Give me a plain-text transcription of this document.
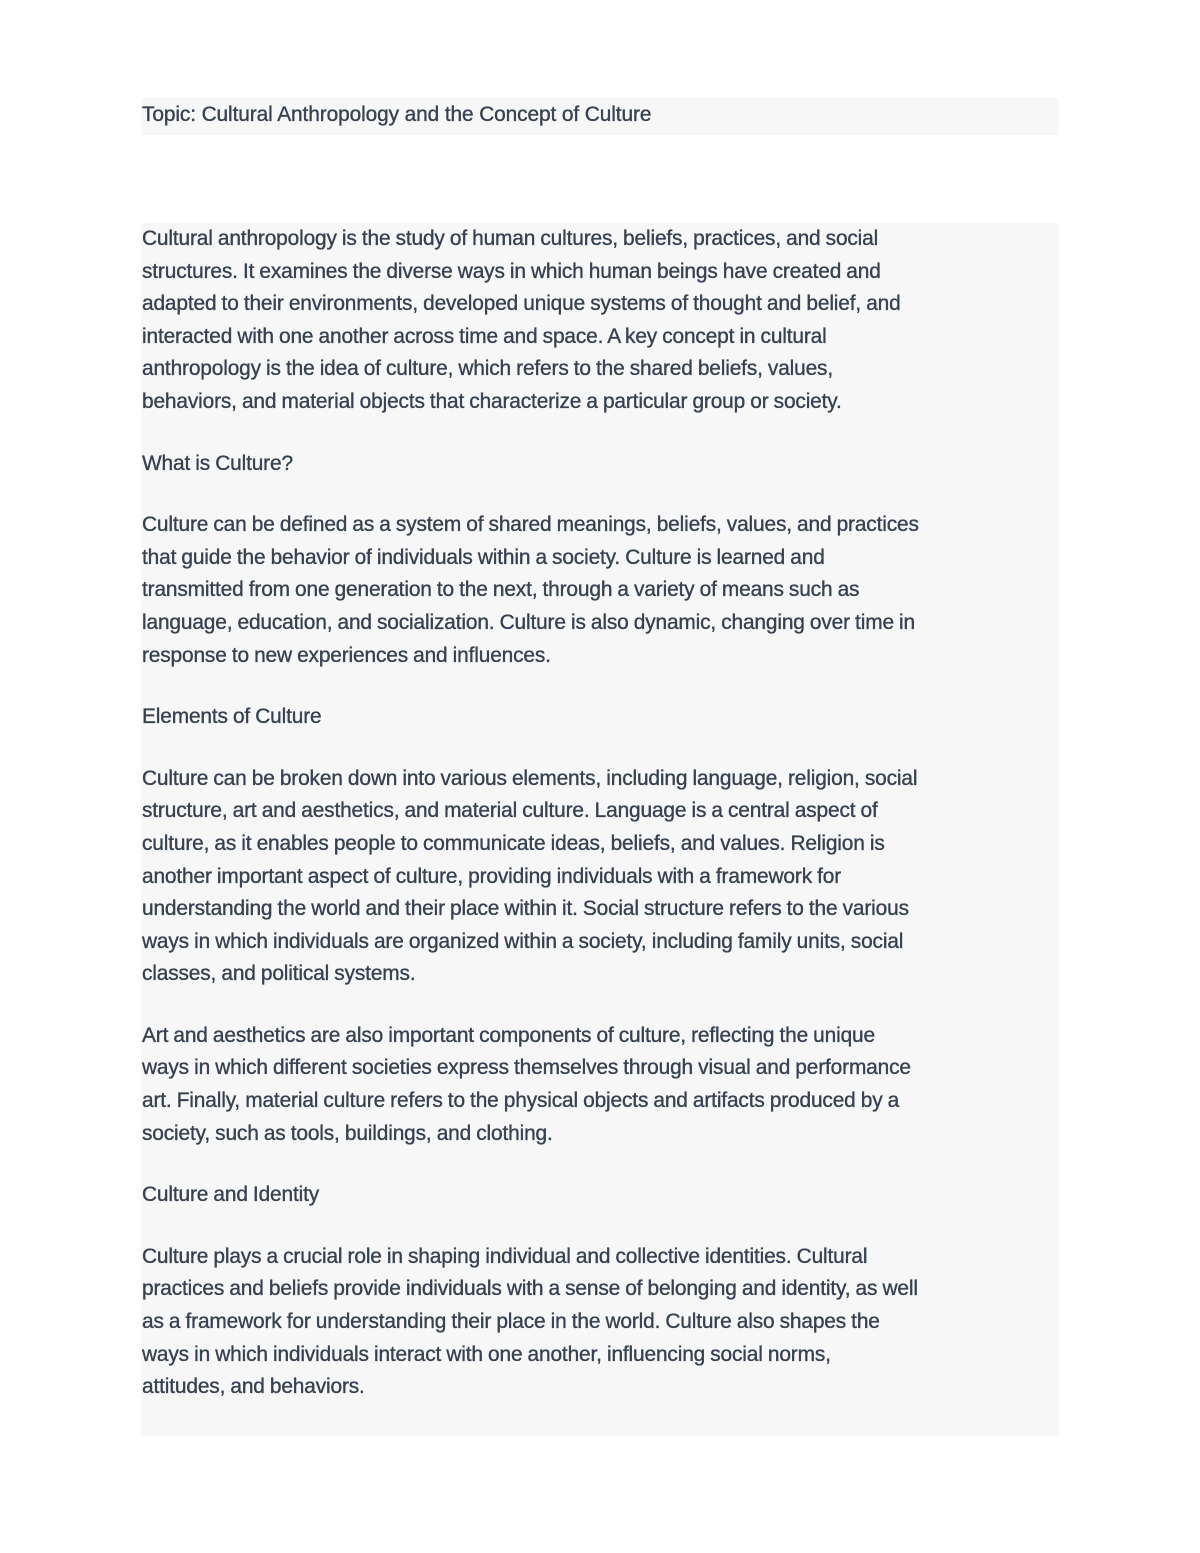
Topic: Cultural Anthropology and the Concept of Culture

Cultural anthropology is the study of human cultures, beliefs, practices, and social
structures. It examines the diverse ways in which human beings have created and
adapted to their environments, developed unique systems of thought and belief, and
interacted with one another across time and space. A key concept in cultural
anthropology is the idea of culture, which refers to the shared beliefs, values,
behaviors, and material objects that characterize a particular group or society.

What is Culture?

Culture can be defined as a system of shared meanings, beliefs, values, and practices
that guide the behavior of individuals within a society. Culture is learned and
transmitted from one generation to the next, through a variety of means such as
language, education, and socialization. Culture is also dynamic, changing over time in
response to new experiences and influences.

Elements of Culture

Culture can be broken down into various elements, including language, religion, social
structure, art and aesthetics, and material culture. Language is a central aspect of
culture, as it enables people to communicate ideas, beliefs, and values. Religion is
another important aspect of culture, providing individuals with a framework for
understanding the world and their place within it. Social structure refers to the various
ways in which individuals are organized within a society, including family units, social
classes, and political systems.

Art and aesthetics are also important components of culture, reflecting the unique
ways in which different societies express themselves through visual and performance
art. Finally, material culture refers to the physical objects and artifacts produced by a
society, such as tools, buildings, and clothing.

Culture and Identity

Culture plays a crucial role in shaping individual and collective identities. Cultural
practices and beliefs provide individuals with a sense of belonging and identity, as well
as a framework for understanding their place in the world. Culture also shapes the
ways in which individuals interact with one another, influencing social norms,
attitudes, and behaviors.
